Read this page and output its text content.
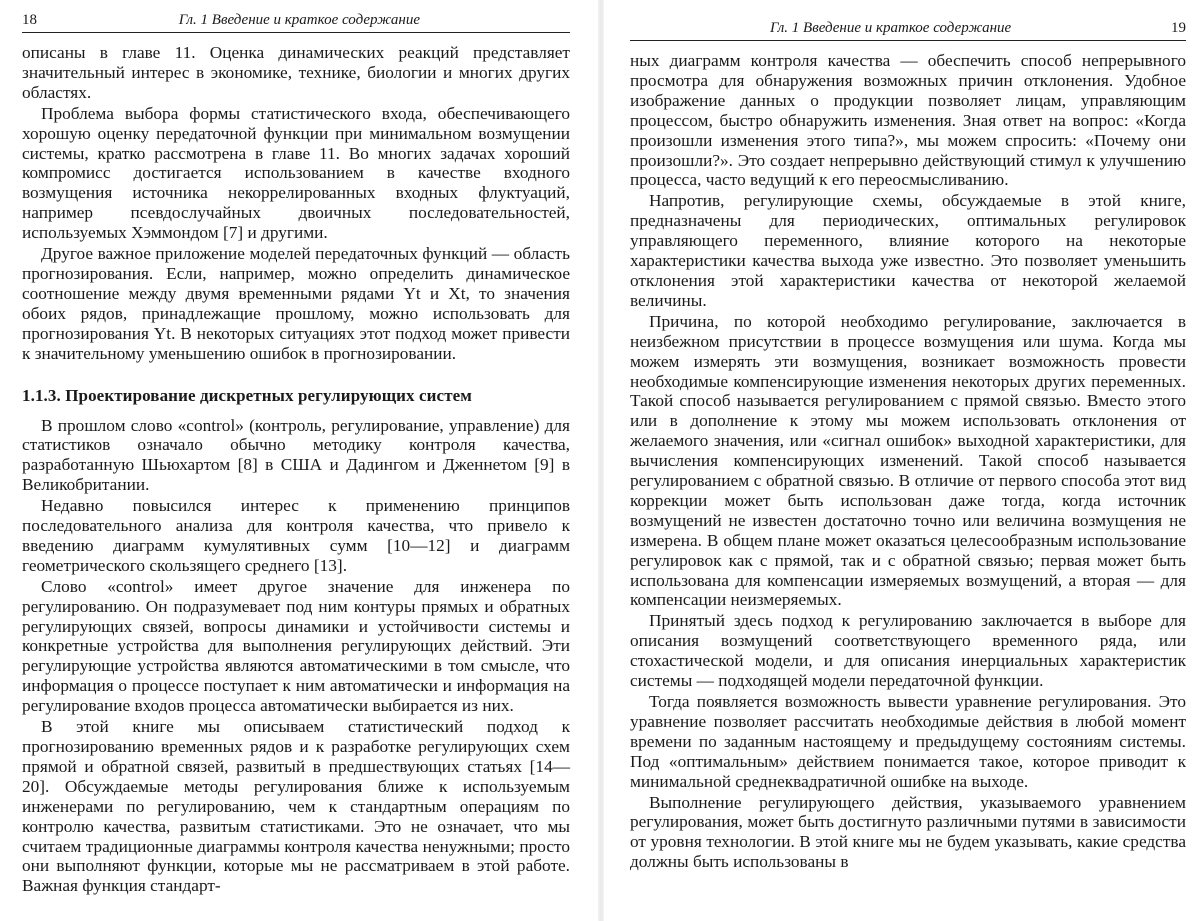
18	Гл. 1 Введение и краткое содержание

описаны в главе 11. Оценка динамических реакций представляет значительный интерес в экономике, технике, биологии и многих других областях.

Проблема выбора формы статистического входа, обеспечивающего хорошую оценку передаточной функции при минимальном возмущении системы, кратко рассмотрена в главе 11. Во многих задачах хороший компромисс достигается использованием в качестве входного возмущения источника некоррелированных входных флуктуаций, например псевдослучайных двоичных последовательностей, используемых Хэммондом [7] и другими.

Другое важное приложение моделей передаточных функций — область прогнозирования. Если, например, можно определить динамическое соотношение между двумя временными рядами Yt и Xt, то значения обоих рядов, принадлежащие прошлому, можно использовать для прогнозирования Yt. В некоторых ситуациях этот подход может привести к значительному уменьшению ошибок в прогнозировании.

1.1.3. Проектирование дискретных регулирующих систем

В прошлом слово «control» (контроль, регулирование, управление) для статистиков означало обычно методику контроля качества, разработанную Шьюхартом [8] в США и Дадингом и Дженнетом [9] в Великобритании.

Недавно повысился интерес к применению принципов последовательного анализа для контроля качества, что привело к введению диаграмм кумулятивных сумм [10—12] и диаграмм геометрического скользящего среднего [13].

Слово «control» имеет другое значение для инженера по регулированию. Он подразумевает под ним контуры прямых и обратных регулирующих связей, вопросы динамики и устойчивости системы и конкретные устройства для выполнения регулирующих действий. Эти регулирующие устройства являются автоматическими в том смысле, что информация о процессе поступает к ним автоматически и информация на регулирование входов процесса автоматически выбирается из них.

В этой книге мы описываем статистический подход к прогнозированию временных рядов и к разработке регулирующих схем прямой и обратной связей, развитый в предшествующих статьях [14—20]. Обсуждаемые методы регулирования ближе к используемым инженерами по регулированию, чем к стандартным операциям по контролю качества, развитым статистиками. Это не означает, что мы считаем традиционные диаграммы контроля качества ненужными; просто они выполняют функции, которые мы не рассматриваем в этой работе. Важная функция стандарт-

Гл. 1 Введение и краткое содержание	19

ных диаграмм контроля качества — обеспечить способ непрерывного просмотра для обнаружения возможных причин отклонения. Удобное изображение данных о продукции позволяет лицам, управляющим процессом, быстро обнаружить изменения. Зная ответ на вопрос: «Когда произошли изменения этого типа?», мы можем спросить: «Почему они произошли?». Это создает непрерывно действующий стимул к улучшению процесса, часто ведущий к его переосмысливанию.

Напротив, регулирующие схемы, обсуждаемые в этой книге, предназначены для периодических, оптимальных регулировок управляющего переменного, влияние которого на некоторые характеристики качества выхода уже известно. Это позволяет уменьшить отклонения этой характеристики качества от некоторой желаемой величины.

Причина, по которой необходимо регулирование, заключается в неизбежном присутствии в процессе возмущения или шума. Когда мы можем измерять эти возмущения, возникает возможность провести необходимые компенсирующие изменения некоторых других переменных. Такой способ называется регулированием с прямой связью. Вместо этого или в дополнение к этому мы можем использовать отклонения от желаемого значения, или «сигнал ошибок» выходной характеристики, для вычисления компенсирующих изменений. Такой способ называется регулированием с обратной связью. В отличие от первого способа этот вид коррекции может быть использован даже тогда, когда источник возмущений не известен достаточно точно или величина возмущения не измерена. В общем плане может оказаться целесообразным использование регулировок как с прямой, так и с обратной связью; первая может быть использована для компенсации измеряемых возмущений, а вторая — для компенсации неизмеряемых.

Принятый здесь подход к регулированию заключается в выборе для описания возмущений соответствующего временного ряда, или стохастической модели, и для описания инерциальных характеристик системы — подходящей модели передаточной функции.

Тогда появляется возможность вывести уравнение регулирования. Это уравнение позволяет рассчитать необходимые действия в любой момент времени по заданным настоящему и предыдущему состояниям системы. Под «оптимальным» действием понимается такое, которое приводит к минимальной среднеквадратичной ошибке на выходе.

Выполнение регулирующего действия, указываемого уравнением регулирования, может быть достигнуто различными путями в зависимости от уровня технологии. В этой книге мы не будем указывать, какие средства должны быть использованы в
